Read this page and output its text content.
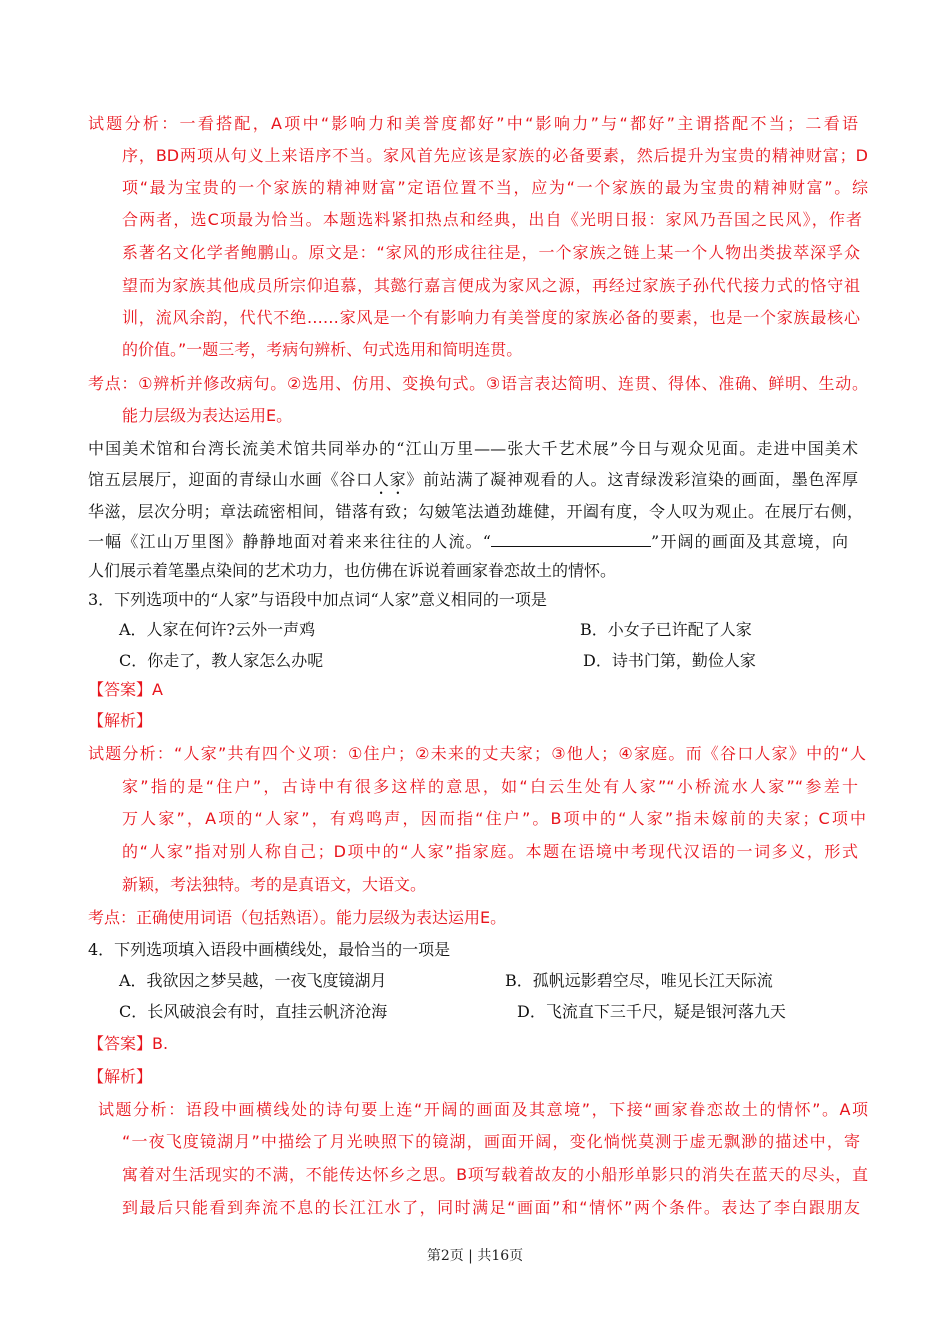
试题分析：一看搭配，A项中“影响力和美誉度都好”中“影响力”与“都好”主谓搭配不当；二看语
序，BD两项从句义上来语序不当。家风首先应该是家族的必备要素，然后提升为宝贵的精神财富；D
项“最为宝贵的一个家族的精神财富”定语位置不当，应为“一个家族的最为宝贵的精神财富”。综
合两者，选C项最为恰当。本题选料紧扣热点和经典，出自《光明日报：家风乃吾国之民风》，作者
系著名文化学者鲍鹏山。原文是：“家风的形成往往是，一个家族之链上某一个人物出类拔萃深孚众
望而为家族其他成员所宗仰追慕，其懿行嘉言便成为家风之源，再经过家族子孙代代接力式的恪守祖
训，流风余韵，代代不绝……家风是一个有影响力有美誉度的家族必备的要素，也是一个家族最核心
的价值。”一题三考，考病句辨析、句式选用和简明连贯。
考点：①辨析并修改病句。②选用、仿用、变换句式。③语言表达简明、连贯、得体、准确、鲜明、生动。
能力层级为表达运用E。
中国美术馆和台湾长流美术馆共同举办的“江山万里——张大千艺术展”今日与观众见面。走进中国美术
馆五层展厅，迎面的青绿山水画《谷口人家》前站满了凝神观看的人。这青绿泼彩渲染的画面，墨色浑厚
华滋，层次分明；章法疏密相间，错落有致；勾皴笔法遒劲雄健，开阖有度，令人叹为观止。在展厅右侧，
一幅《江山万里图》静静地面对着来来往往的人流。“	”开阔的画面及其意境，向
人们展示着笔墨点染间的艺术功力，也仿佛在诉说着画家眷恋故土的情怀。
3．下列选项中的“人家”与语段中加点词“人家”意义相同的一项是
A．人家在何许?云外一声鸡	B．小女子已许配了人家
C．你走了，教人家怎么办呢	D．诗书门第，勤俭人家
【答案】A
【解析】
试题分析：“人家”共有四个义项：①住户；②未来的丈夫家；③他人；④家庭。而《谷口人家》中的“人
家”指的是“住户”，古诗中有很多这样的意思，如“白云生处有人家”“小桥流水人家”“参差十
万人家”，A项的“人家”，有鸡鸣声，因而指“住户”。B项中的“人家”指未嫁前的夫家；C项中
的“人家”指对别人称自己；D项中的“人家”指家庭。本题在语境中考现代汉语的一词多义，形式
新颖，考法独特。考的是真语文，大语文。
考点：正确使用词语（包括熟语）。能力层级为表达运用E。
4．下列选项填入语段中画横线处，最恰当的一项是
A．我欲因之梦吴越，一夜飞度镜湖月	B．孤帆远影碧空尽，唯见长江天际流
C．长风破浪会有时，直挂云帆济沧海	D．飞流直下三千尺，疑是银河落九天
【答案】B.
【解析】
试题分析：语段中画横线处的诗句要上连“开阔的画面及其意境”，下接“画家眷恋故土的情怀”。A项
“一夜飞度镜湖月”中描绘了月光映照下的镜湖，画面开阔，变化惝恍莫测于虚无飘渺的描述中，寄
寓着对生活现实的不满，不能传达怀乡之思。B项写载着故友的小船形单影只的消失在蓝天的尽头，直
到最后只能看到奔流不息的长江江水了，同时满足“画面”和“情怀”两个条件。表达了李白跟朋友
第2页 | 共16页
